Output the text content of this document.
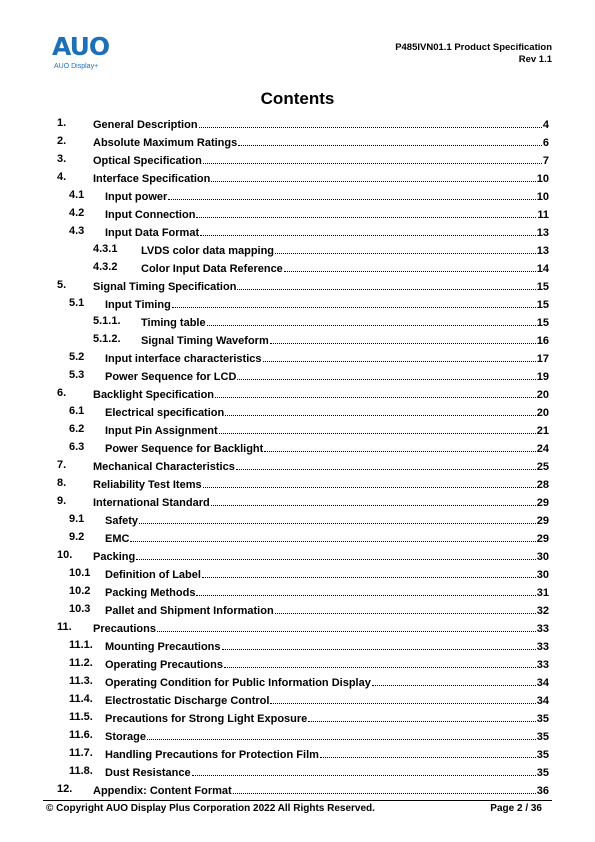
AUO
AUO Display+
P485IVN01.1 Product Specification
Rev 1.1
Contents
1. General Description	4
2. Absolute Maximum Ratings	6
3. Optical Specification	7
4. Interface Specification	10
4.1 Input power	10
4.2 Input Connection	11
4.3 Input Data Format	13
4.3.1 LVDS color data mapping	13
4.3.2 Color Input Data Reference	14
5. Signal Timing Specification	15
5.1 Input Timing	15
5.1.1. Timing table	15
5.1.2. Signal Timing Waveform	16
5.2 Input interface characteristics	17
5.3 Power Sequence for LCD	19
6. Backlight Specification	20
6.1 Electrical specification	20
6.2 Input Pin Assignment	21
6.3 Power Sequence for Backlight	24
7. Mechanical Characteristics	25
8. Reliability Test Items	28
9. International Standard	29
9.1 Safety	29
9.2 EMC	29
10. Packing	30
10.1 Definition of Label	30
10.2 Packing Methods	31
10.3 Pallet and Shipment Information	32
11. Precautions	33
11.1. Mounting Precautions	33
11.2. Operating Precautions	33
11.3. Operating Condition for Public Information Display	34
11.4. Electrostatic Discharge Control	34
11.5. Precautions for Strong Light Exposure	35
11.6. Storage	35
11.7. Handling Precautions for Protection Film	35
11.8. Dust Resistance	35
12. Appendix: Content Format	36
© Copyright AUO Display Plus Corporation 2022 All Rights Reserved.	Page 2 / 36
